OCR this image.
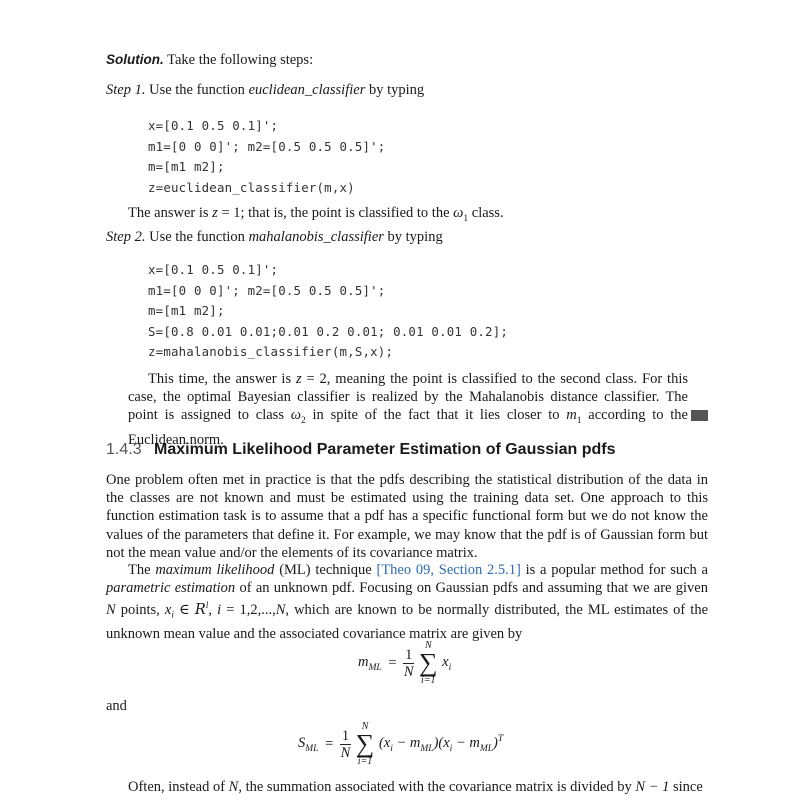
Solution. Take the following steps:
Step 1. Use the function euclidean_classifier by typing
x=[0.1 0.5 0.1]';
m1=[0 0 0]'; m2=[0.5 0.5 0.5]';
m=[m1 m2];
z=euclidean_classifier(m,x)
The answer is z = 1; that is, the point is classified to the $\omega_1$ class.
Step 2. Use the function mahalanobis_classifier by typing
x=[0.1 0.5 0.1]';
m1=[0 0 0]'; m2=[0.5 0.5 0.5]';
m=[m1 m2];
S=[0.8 0.01 0.01;0.01 0.2 0.01; 0.01 0.01 0.2];
z=mahalanobis_classifier(m,S,x);
This time, the answer is z = 2, meaning the point is classified to the second class. For this case, the optimal Bayesian classifier is realized by the Mahalanobis distance classifier. The point is assigned to class $\omega_2$ in spite of the fact that it lies closer to $m_1$ according to the Euclidean norm.
1.4.3 Maximum Likelihood Parameter Estimation of Gaussian pdfs
One problem often met in practice is that the pdfs describing the statistical distribution of the data in the classes are not known and must be estimated using the training data set. One approach to this function estimation task is to assume that a pdf has a specific functional form but we do not know the values of the parameters that define it. For example, we may know that the pdf is of Gaussian form but not the mean value and/or the elements of its covariance matrix.
The maximum likelihood (ML) technique [Theo 09, Section 2.5.1] is a popular method for such a parametric estimation of an unknown pdf. Focusing on Gaussian pdfs and assuming that we are given N points, $x_i$ ∈ $R^l$, i = 1,2,...,N, which are known to be normally distributed, the ML estimates of the unknown mean value and the associated covariance matrix are given by
$m_{ML} = \frac{1}{N}$

N
∑
i=1
$x_i$
and
$S_{ML} = \frac{1}{N}$

N
∑
i=1
$(x_i - m_{ML})(x_i - m_{ML})^T$
Often, instead of N, the summation associated with the covariance matrix is divided by N − 1 since
